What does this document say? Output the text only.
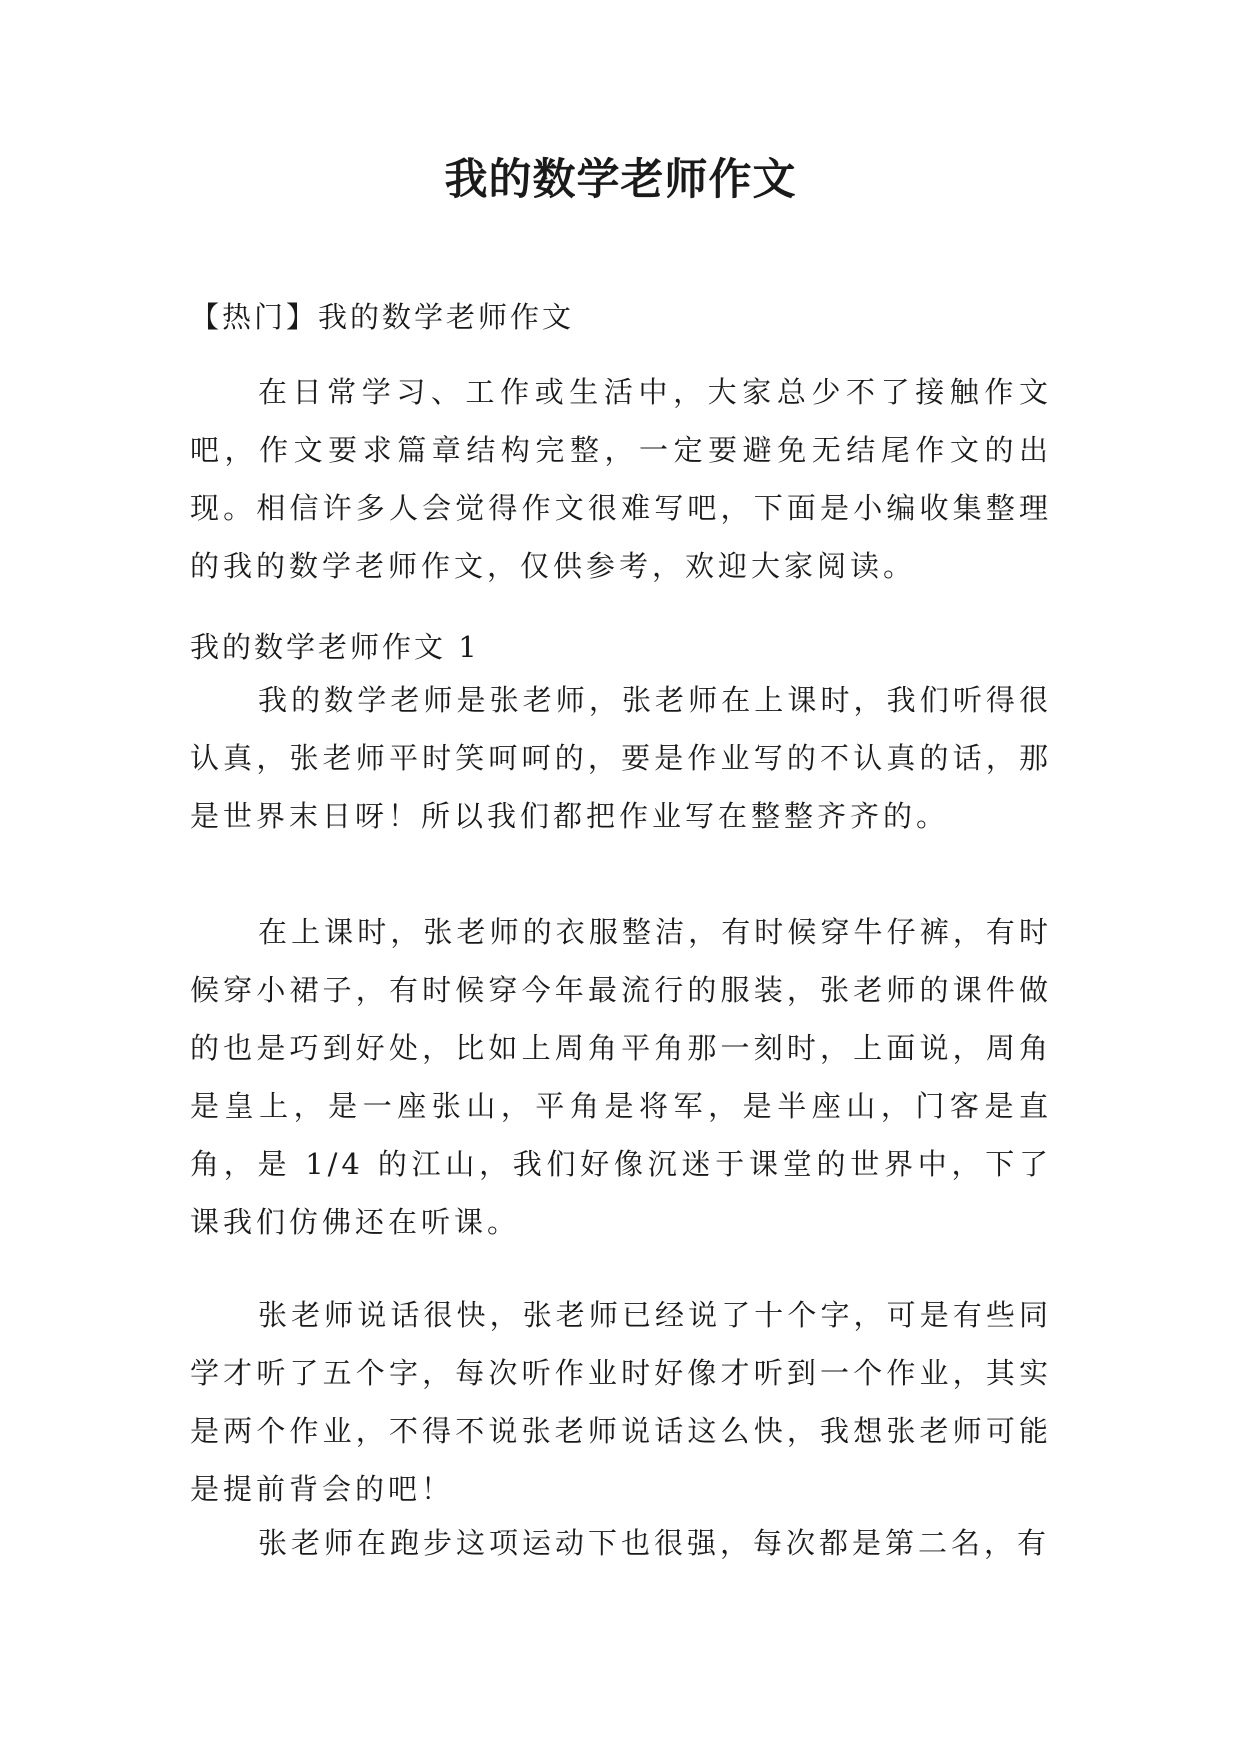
我的数学老师作文

【热门】我的数学老师作文

在日常学习、工作或生活中，大家总少不了接触作文吧，作文要求篇章结构完整，一定要避免无结尾作文的出现。相信许多人会觉得作文很难写吧，下面是小编收集整理的我的数学老师作文，仅供参考，欢迎大家阅读。

我的数学老师作文 1

我的数学老师是张老师，张老师在上课时，我们听得很认真，张老师平时笑呵呵的，要是作业写的不认真的话，那是世界末日呀！所以我们都把作业写在整整齐齐的。

在上课时，张老师的衣服整洁，有时候穿牛仔裤，有时候穿小裙子，有时候穿今年最流行的服装，张老师的课件做的也是巧到好处，比如上周角平角那一刻时，上面说，周角是皇上，是一座张山，平角是将军，是半座山，门客是直角，是 1/4 的江山，我们好像沉迷于课堂的世界中，下了课我们仿佛还在听课。

张老师说话很快，张老师已经说了十个字，可是有些同学才听了五个字，每次听作业时好像才听到一个作业，其实是两个作业，不得不说张老师说话这么快，我想张老师可能是提前背会的吧！

张老师在跑步这项运动下也很强，每次都是第二名，有
